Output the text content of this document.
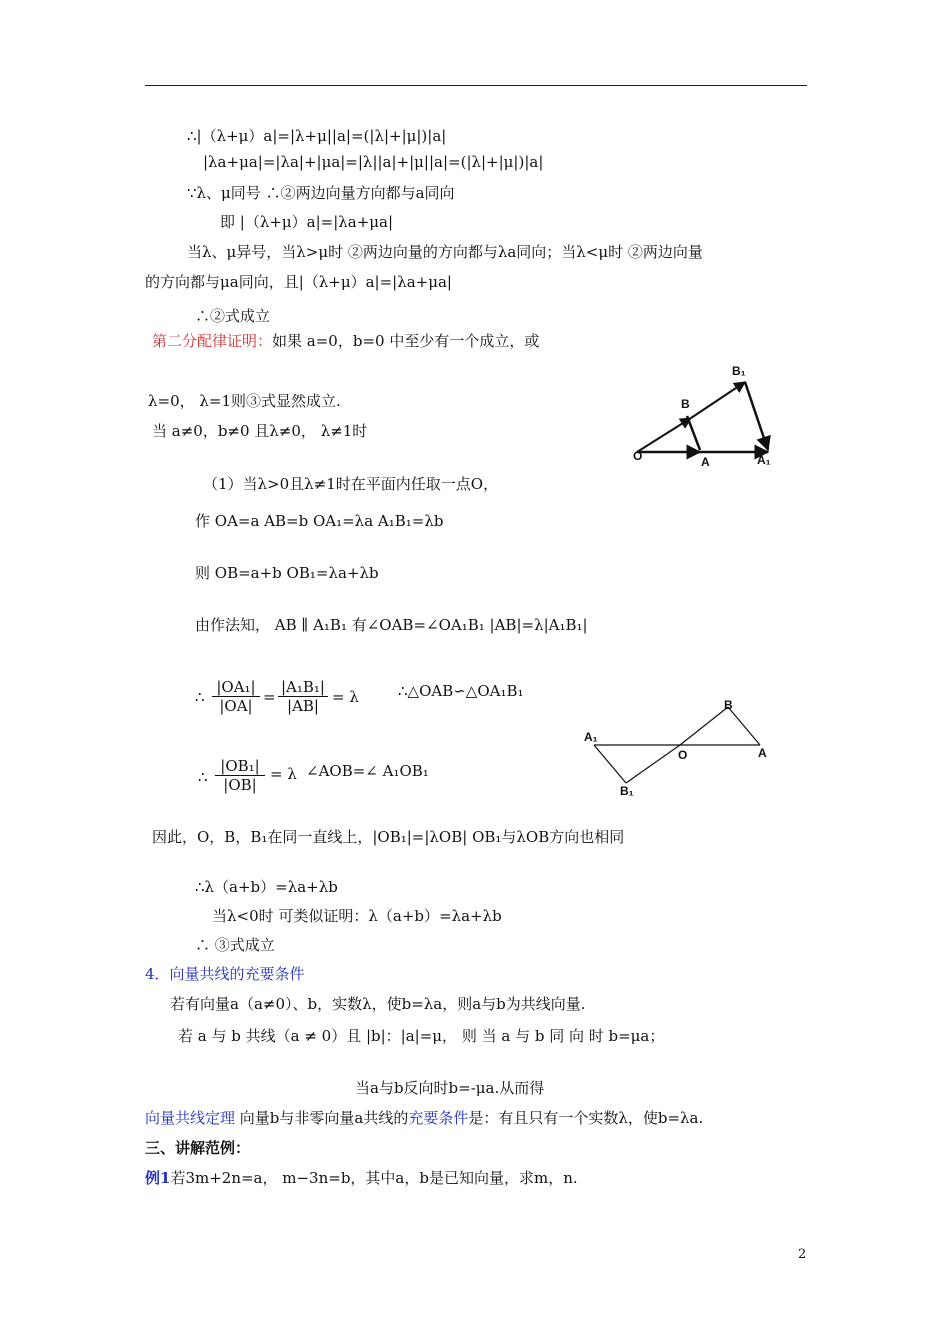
∴|（λ+μ）a|=|λ+μ||a|=(|λ|+|μ|)|a|
|λa+μa|=|λa|+|μa|=|λ||a|+|μ||a|=(|λ|+|μ|)|a|
∵λ、μ同号 ∴②两边向量方向都与a同向
即 |（λ+μ）a|=|λa+μa|
当λ、μ异号，当λ>μ时 ②两边向量的方向都与λa同向；当λ<μ时 ②两边向量
的方向都与μa同向，且|（λ+μ）a|=|λa+μa|
∴②式成立
第二分配律证明：如果 a=0，b=0 中至少有一个成立，或
λ=0， λ=1则③式显然成立.
当 a≠0，b≠0 且λ≠0， λ≠1时
（1）当λ>0且λ≠1时在平面内任取一点O，
作 OA=a AB=b OA₁=λa A₁B₁=λb
则 OB=a+b OB₁=λa+λb
由作法知， AB ∥ A₁B₁ 有∠OAB=∠OA₁B₁ |AB|=λ|A₁B₁|
∴ $\frac{\text{|OA₁|}}{|OA|} = \frac{\text{|A₁B₁|}}{|AB|} = \lambda$	∴△OAB∽△OA₁B₁
∴ $\frac{\text{|OB₁|}}{|OB|} = \lambda$ ∠AOB=∠ A₁OB₁
因此，O，B，B₁在同一直线上，|OB₁|=|λOB| OB₁与λOB方向也相同
∴λ（a+b）=λa+λb
当λ<0时 可类似证明：λ（a+b）=λa+λb
∴ ③式成立
4．向量共线的充要条件
若有向量a（a≠0）、b，实数λ，使b=λa，则a与b为共线向量.
若 a 与 b 共线（a ≠ 0）且 |b|：|a|=μ， 则 当 a 与 b 同 向 时 b=μa；
当a与b反向时b=-μa.从而得
向量共线定理 向量b与非零向量a共线的充要条件是：有且只有一个实数λ，使b=λa.
三、讲解范例：
例1若3m+2n=a， m−3n=b，其中a，b是已知向量，求m，n.
O	A	A₁
B
B₁
A₁
O	A
B
B₁
2
